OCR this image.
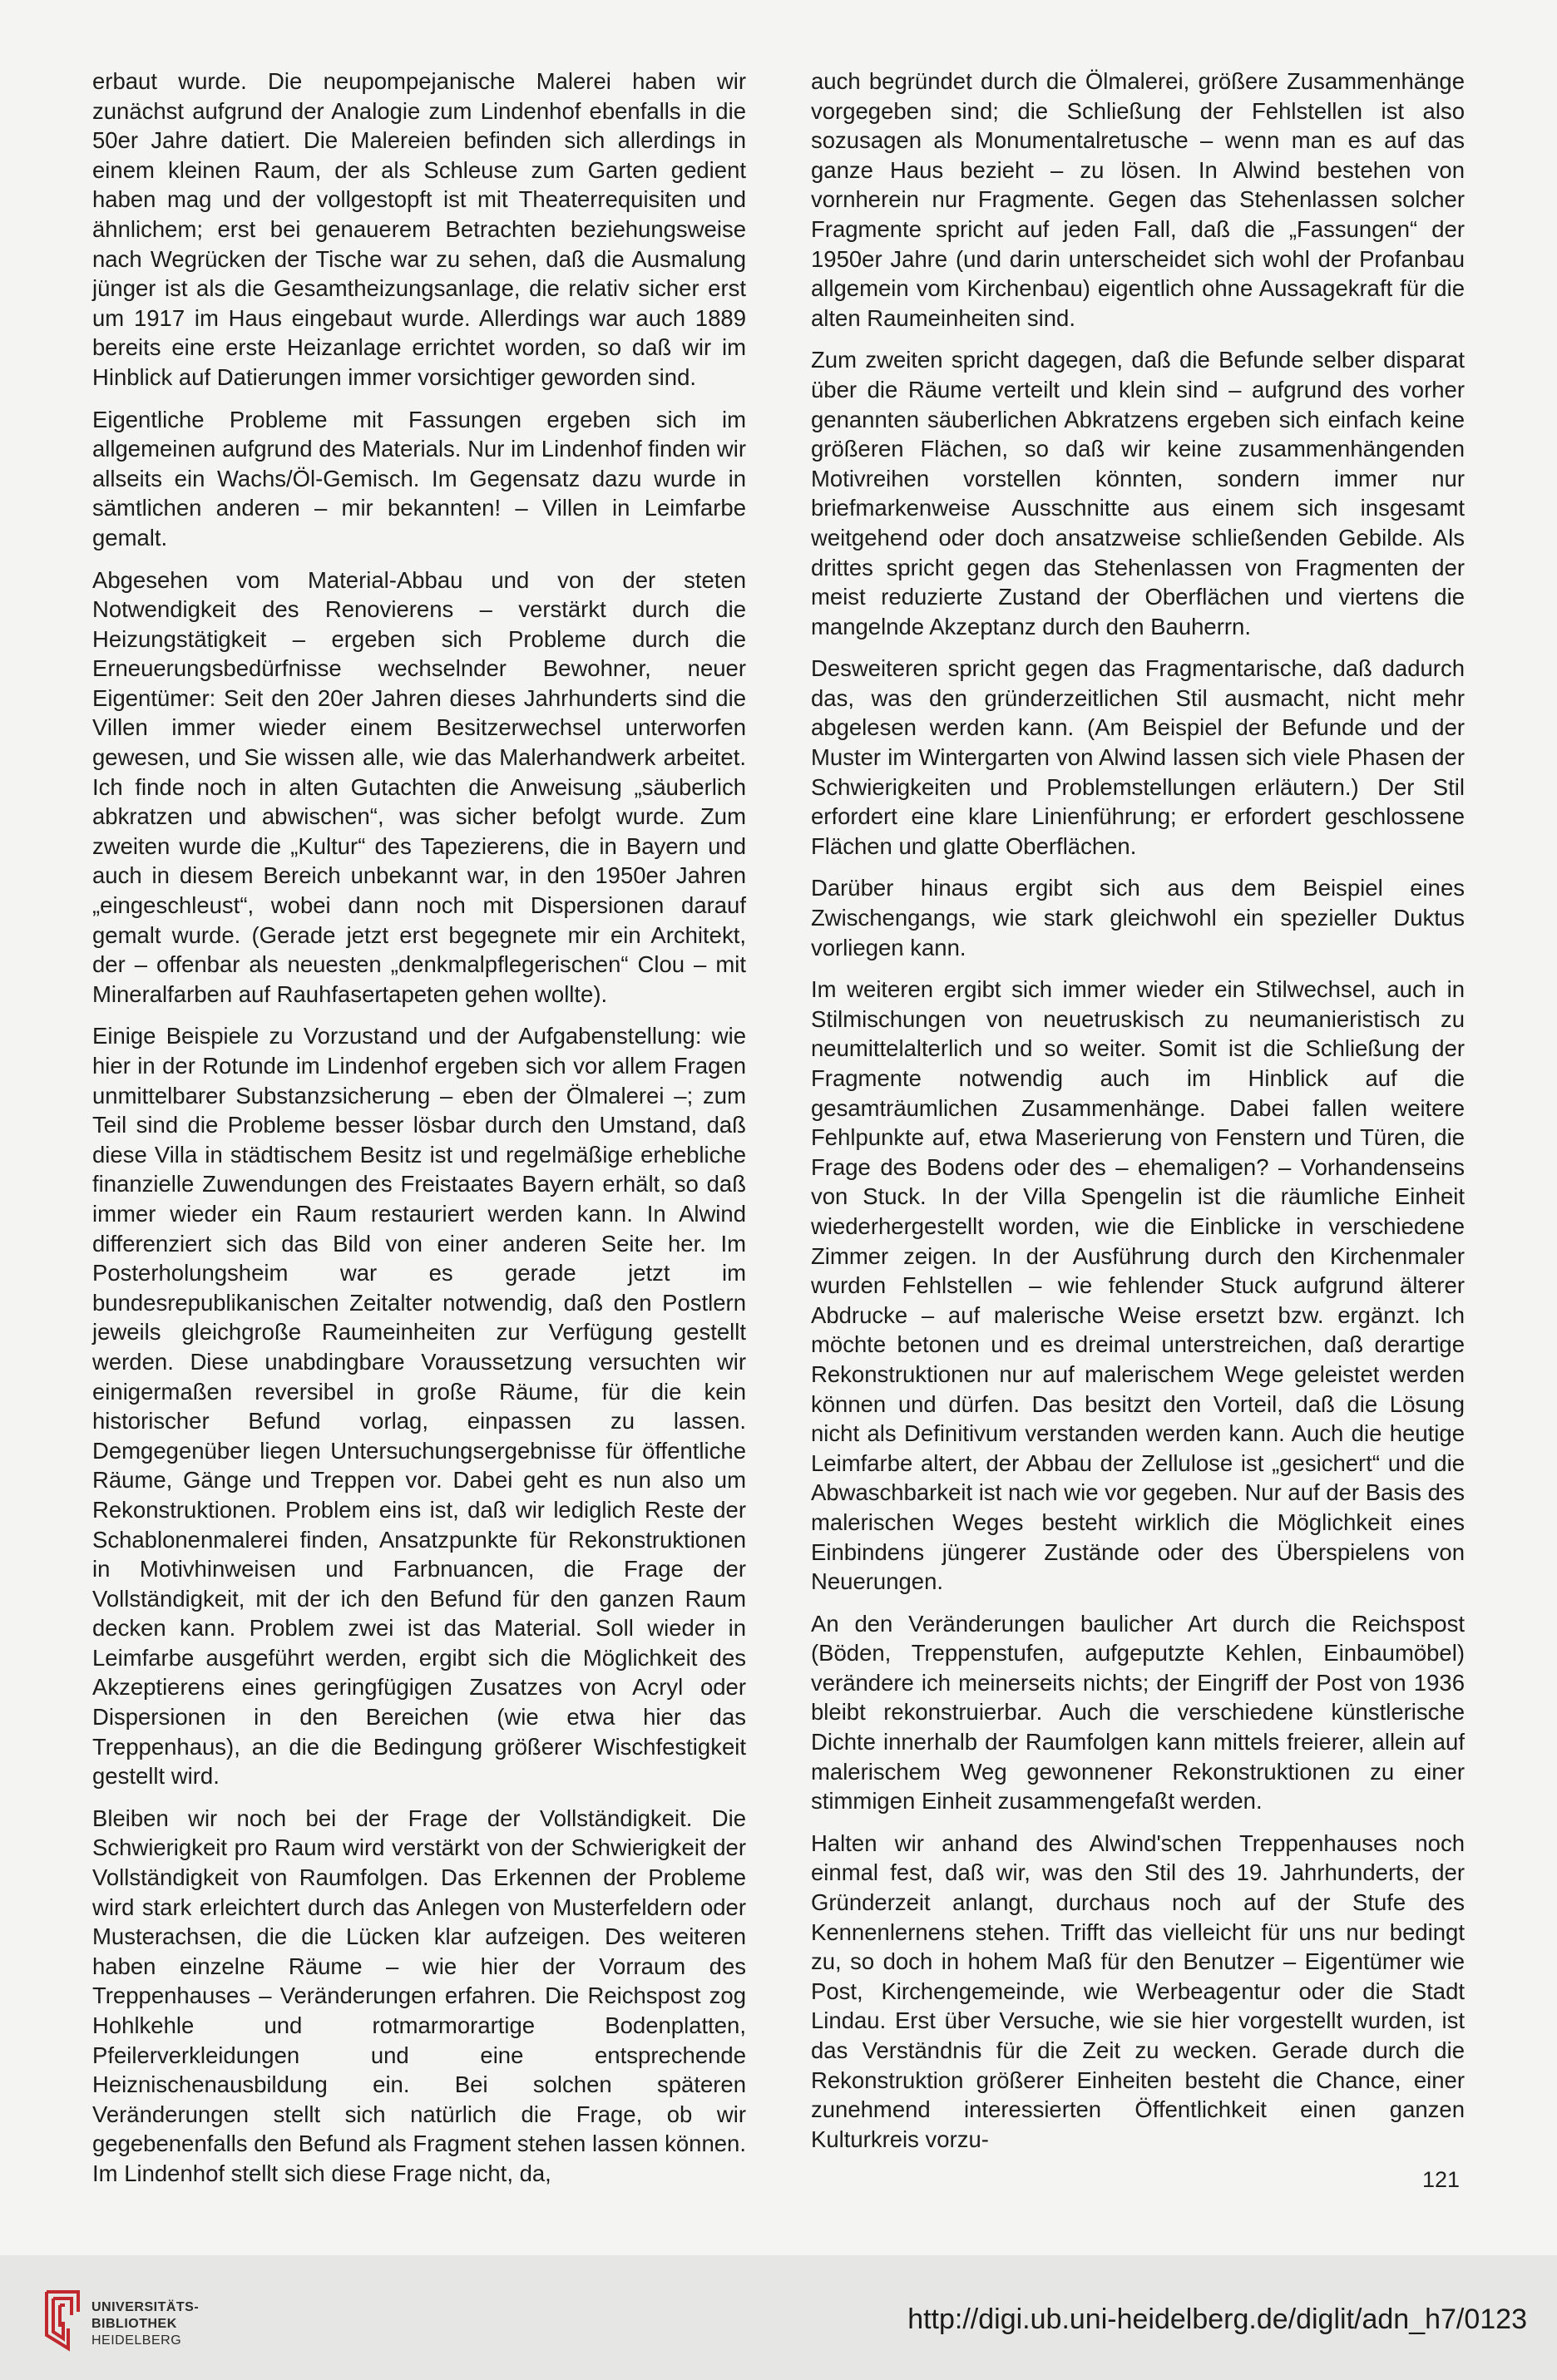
erbaut wurde. Die neupompejanische Malerei haben wir zunächst aufgrund der Analogie zum Lindenhof ebenfalls in die 50er Jahre datiert. Die Malereien befinden sich allerdings in einem kleinen Raum, der als Schleuse zum Garten gedient haben mag und der vollgestopft ist mit Theaterrequisiten und ähnlichem; erst bei genauerem Betrachten beziehungsweise nach Wegrücken der Tische war zu sehen, daß die Ausmalung jünger ist als die Gesamtheizungsanlage, die relativ sicher erst um 1917 im Haus eingebaut wurde. Allerdings war auch 1889 bereits eine erste Heizanlage errichtet worden, so daß wir im Hinblick auf Datierungen immer vorsichtiger geworden sind.

Eigentliche Probleme mit Fassungen ergeben sich im allgemeinen aufgrund des Materials. Nur im Lindenhof finden wir allseits ein Wachs/Öl-Gemisch. Im Gegensatz dazu wurde in sämtlichen anderen – mir bekannten! – Villen in Leimfarbe gemalt.

Abgesehen vom Material-Abbau und von der steten Notwendigkeit des Renovierens – verstärkt durch die Heizungstätigkeit – ergeben sich Probleme durch die Erneuerungsbedürfnisse wechselnder Bewohner, neuer Eigentümer: Seit den 20er Jahren dieses Jahrhunderts sind die Villen immer wieder einem Besitzerwechsel unterworfen gewesen, und Sie wissen alle, wie das Malerhandwerk arbeitet. Ich finde noch in alten Gutachten die Anweisung „säuberlich abkratzen und abwischen“, was sicher befolgt wurde. Zum zweiten wurde die „Kultur“ des Tapezierens, die in Bayern und auch in diesem Bereich unbekannt war, in den 1950er Jahren „eingeschleust“, wobei dann noch mit Dispersionen darauf gemalt wurde. (Gerade jetzt erst begegnete mir ein Architekt, der – offenbar als neuesten „denkmalpflegerischen“ Clou – mit Mineralfarben auf Rauhfasertapeten gehen wollte).

Einige Beispiele zu Vorzustand und der Aufgabenstellung: wie hier in der Rotunde im Lindenhof ergeben sich vor allem Fragen unmittelbarer Substanzsicherung – eben der Ölmalerei –; zum Teil sind die Probleme besser lösbar durch den Umstand, daß diese Villa in städtischem Besitz ist und regelmäßige erhebliche finanzielle Zuwendungen des Freistaates Bayern erhält, so daß immer wieder ein Raum restauriert werden kann. In Alwind differenziert sich das Bild von einer anderen Seite her. Im Posterholungsheim war es gerade jetzt im bundesrepublikanischen Zeitalter notwendig, daß den Postlern jeweils gleichgroße Raumeinheiten zur Verfügung gestellt werden. Diese unabdingbare Voraussetzung versuchten wir einigermaßen reversibel in große Räume, für die kein historischer Befund vorlag, einpassen zu lassen. Demgegenüber liegen Untersuchungsergebnisse für öffentliche Räume, Gänge und Treppen vor. Dabei geht es nun also um Rekonstruktionen. Problem eins ist, daß wir lediglich Reste der Schablonenmalerei finden, Ansatzpunkte für Rekonstruktionen in Motivhinweisen und Farbnuancen, die Frage der Vollständigkeit, mit der ich den Befund für den ganzen Raum decken kann. Problem zwei ist das Material. Soll wieder in Leimfarbe ausgeführt werden, ergibt sich die Möglichkeit des Akzeptierens eines geringfügigen Zusatzes von Acryl oder Dispersionen in den Bereichen (wie etwa hier das Treppenhaus), an die die Bedingung größerer Wischfestigkeit gestellt wird.

Bleiben wir noch bei der Frage der Vollständigkeit. Die Schwierigkeit pro Raum wird verstärkt von der Schwierigkeit der Vollständigkeit von Raumfolgen. Das Erkennen der Probleme wird stark erleichtert durch das Anlegen von Musterfeldern oder Musterachsen, die die Lücken klar aufzeigen. Des weiteren haben einzelne Räume – wie hier der Vorraum des Treppenhauses – Veränderungen erfahren. Die Reichspost zog Hohlkehle und rotmarmorartige Bodenplatten, Pfeilerverkleidungen und eine entsprechende Heiznischenausbildung ein. Bei solchen späteren Veränderungen stellt sich natürlich die Frage, ob wir gegebenenfalls den Befund als Fragment stehen lassen können. Im Lindenhof stellt sich diese Frage nicht, da,

auch begründet durch die Ölmalerei, größere Zusammenhänge vorgegeben sind; die Schließung der Fehlstellen ist also sozusagen als Monumentalretusche – wenn man es auf das ganze Haus bezieht – zu lösen. In Alwind bestehen von vornherein nur Fragmente. Gegen das Stehenlassen solcher Fragmente spricht auf jeden Fall, daß die „Fassungen“ der 1950er Jahre (und darin unterscheidet sich wohl der Profanbau allgemein vom Kirchenbau) eigentlich ohne Aussagekraft für die alten Raumeinheiten sind.

Zum zweiten spricht dagegen, daß die Befunde selber disparat über die Räume verteilt und klein sind – aufgrund des vorher genannten säuberlichen Abkratzens ergeben sich einfach keine größeren Flächen, so daß wir keine zusammenhängenden Motivreihen vorstellen könnten, sondern immer nur briefmarkenweise Ausschnitte aus einem sich insgesamt weitgehend oder doch ansatzweise schließenden Gebilde. Als drittes spricht gegen das Stehenlassen von Fragmenten der meist reduzierte Zustand der Oberflächen und viertens die mangelnde Akzeptanz durch den Bauherrn.

Desweiteren spricht gegen das Fragmentarische, daß dadurch das, was den gründerzeitlichen Stil ausmacht, nicht mehr abgelesen werden kann. (Am Beispiel der Befunde und der Muster im Wintergarten von Alwind lassen sich viele Phasen der Schwierigkeiten und Problemstellungen erläutern.) Der Stil erfordert eine klare Linienführung; er erfordert geschlossene Flächen und glatte Oberflächen.

Darüber hinaus ergibt sich aus dem Beispiel eines Zwischengangs, wie stark gleichwohl ein spezieller Duktus vorliegen kann.

Im weiteren ergibt sich immer wieder ein Stilwechsel, auch in Stilmischungen von neuetruskisch zu neumanieristisch zu neumittelalterlich und so weiter. Somit ist die Schließung der Fragmente notwendig auch im Hinblick auf die gesamträumlichen Zusammenhänge. Dabei fallen weitere Fehlpunkte auf, etwa Maserierung von Fenstern und Türen, die Frage des Bodens oder des – ehemaligen? – Vorhandenseins von Stuck. In der Villa Spengelin ist die räumliche Einheit wiederhergestellt worden, wie die Einblicke in verschiedene Zimmer zeigen. In der Ausführung durch den Kirchenmaler wurden Fehlstellen – wie fehlender Stuck aufgrund älterer Abdrucke – auf malerische Weise ersetzt bzw. ergänzt. Ich möchte betonen und es dreimal unterstreichen, daß derartige Rekonstruktionen nur auf malerischem Wege geleistet werden können und dürfen. Das besitzt den Vorteil, daß die Lösung nicht als Definitivum verstanden werden kann. Auch die heutige Leimfarbe altert, der Abbau der Zellulose ist „gesichert“ und die Abwaschbarkeit ist nach wie vor gegeben. Nur auf der Basis des malerischen Weges besteht wirklich die Möglichkeit eines Einbindens jüngerer Zustände oder des Überspielens von Neuerungen.

An den Veränderungen baulicher Art durch die Reichspost (Böden, Treppenstufen, aufgeputzte Kehlen, Einbaumöbel) verändere ich meinerseits nichts; der Eingriff der Post von 1936 bleibt rekonstruierbar. Auch die verschiedene künstlerische Dichte innerhalb der Raumfolgen kann mittels freierer, allein auf malerischem Weg gewonnener Rekonstruktionen zu einer stimmigen Einheit zusammengefaßt werden.

Halten wir anhand des Alwind'schen Treppenhauses noch einmal fest, daß wir, was den Stil des 19. Jahrhunderts, der Gründerzeit anlangt, durchaus noch auf der Stufe des Kennenlernens stehen. Trifft das vielleicht für uns nur bedingt zu, so doch in hohem Maß für den Benutzer – Eigentümer wie Post, Kirchengemeinde, wie Werbeagentur oder die Stadt Lindau. Erst über Versuche, wie sie hier vorgestellt wurden, ist das Verständnis für die Zeit zu wecken. Gerade durch die Rekonstruktion größerer Einheiten besteht die Chance, einer zunehmend interessierten Öffentlichkeit einen ganzen Kulturkreis vorzu-

121
UNIVERSITÄTS-
BIBLIOTHEK
HEIDELBERG
http://digi.ub.uni-heidelberg.de/diglit/adn_h7/0123
